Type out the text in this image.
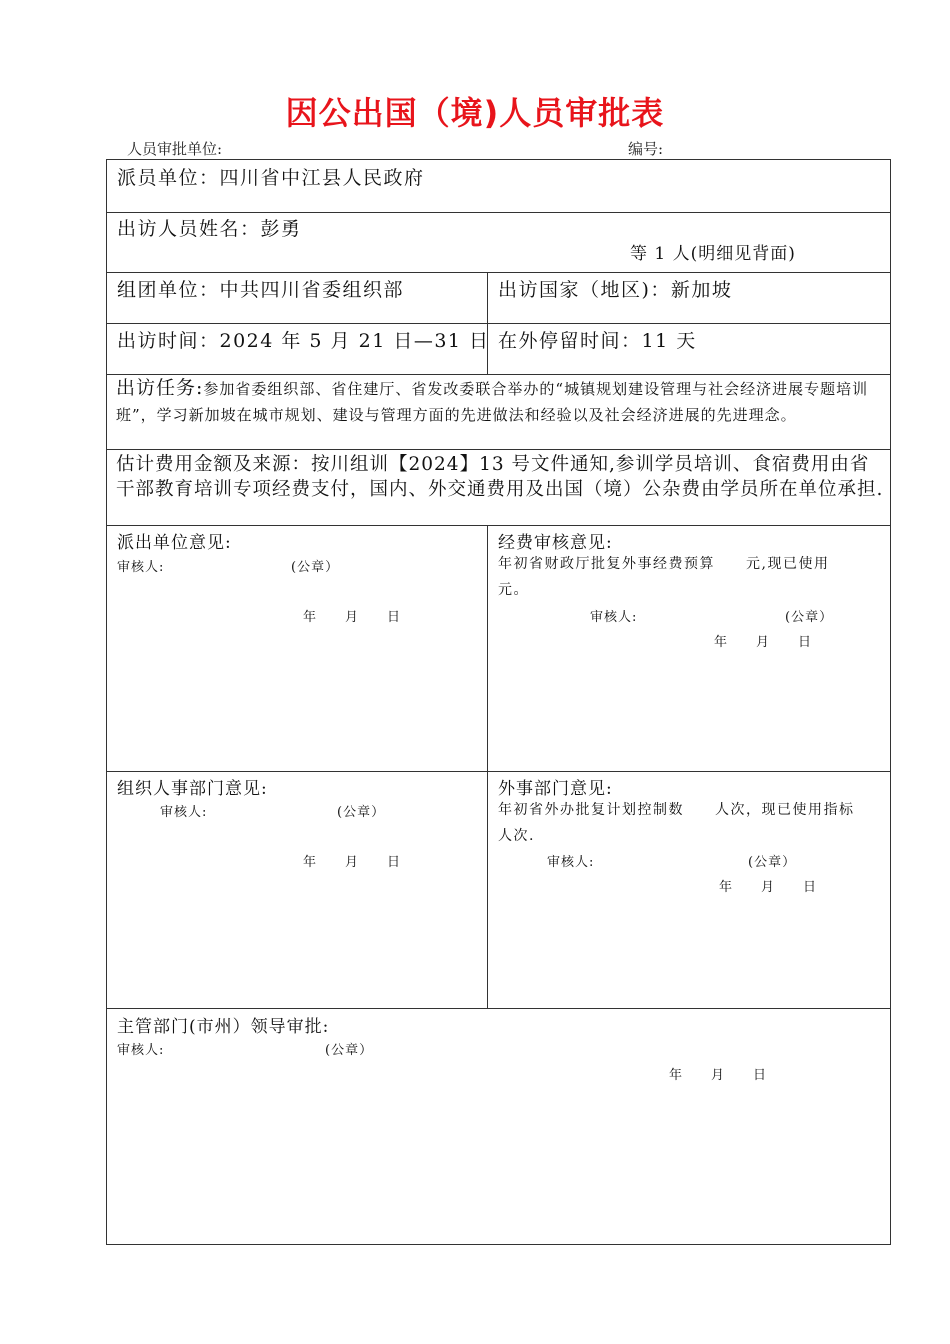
因公出国（境)人员审批表
人员审批单位:	编号:
派员单位：四川省中江县人民政府
出访人员姓名：彭勇
等 1 人(明细见背面)
组团单位：中共四川省委组织部	出访国家（地区)：新加坡
出访时间：2024 年 5 月 21 日—31 日 在外停留时间：11 天
出访任务:参加省委组织部、省住建厅、省发改委联合举办的“城镇规划建设管理与社会经济进展专题培训班”，学习新加坡在城市规划、建设与管理方面的先进做法和经验以及社会经济进展的先进理念。
估计费用金额及来源：按川组训【2024】13 号文件通知,参训学员培训、食宿费用由省干部教育培训专项经费支付，国内、外交通费用及出国（境）公杂费由学员所在单位承担.
派出单位意见:
审核人:	(公章）
年　　月　　日
经费审核意见:
年初省财政厅批复外事经费预算　　元,现已使用　　元。
审核人:	(公章）
年　　月　　日
组织人事部门意见:
审核人:	(公章）
年　　月　　日
外事部门意见:
年初省外办批复计划控制数　　人次，现已使用指标　　人次.
审核人:	(公章）
年　　月　　日
主管部门(市州）领导审批:
审核人:	(公章）
年　　月　　日
